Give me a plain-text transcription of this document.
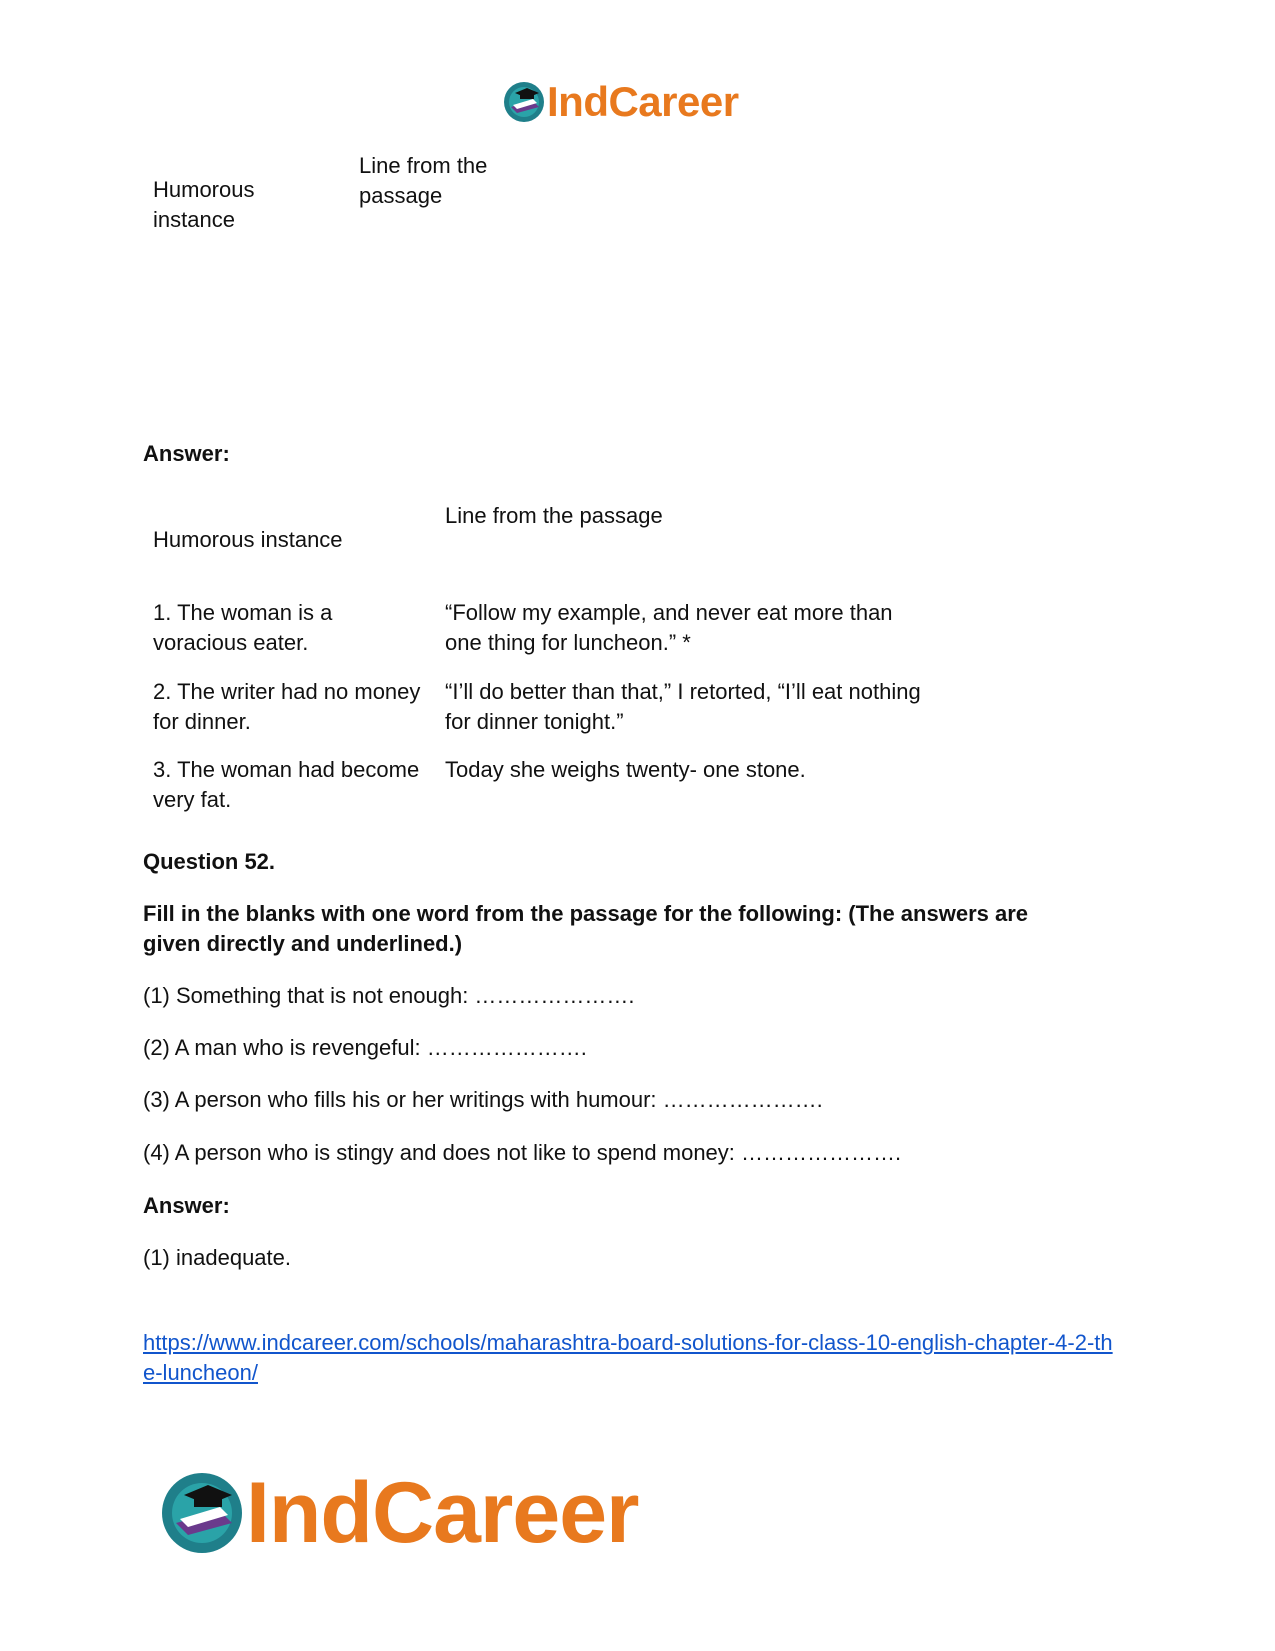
IndCareer
Humorous
instance
Line from the
passage
Answer:
Humorous instance
Line from the passage
1. The woman is a voracious eater.
“Follow my example, and never eat more than one thing for luncheon.” *
2. The writer had no money for dinner.
“I’ll do better than that,” I retorted, “I’ll eat nothing for dinner tonight.”
3. The woman had become very fat.
Today she weighs twenty- one stone.
Question 52.
Fill in the blanks with one word from the passage for the following: (The answers are given directly and underlined.)
(1) Something that is not enough: ………………….
(2) A man who is revengeful: ………………….
(3) A person who fills his or her writings with humour: ………………….
(4) A person who is stingy and does not like to spend money: ………………….
Answer:
(1) inadequate.
https://www.indcareer.com/schools/maharashtra-board-solutions-for-class-10-english-chapter-4-2-the-luncheon/
IndCareer
